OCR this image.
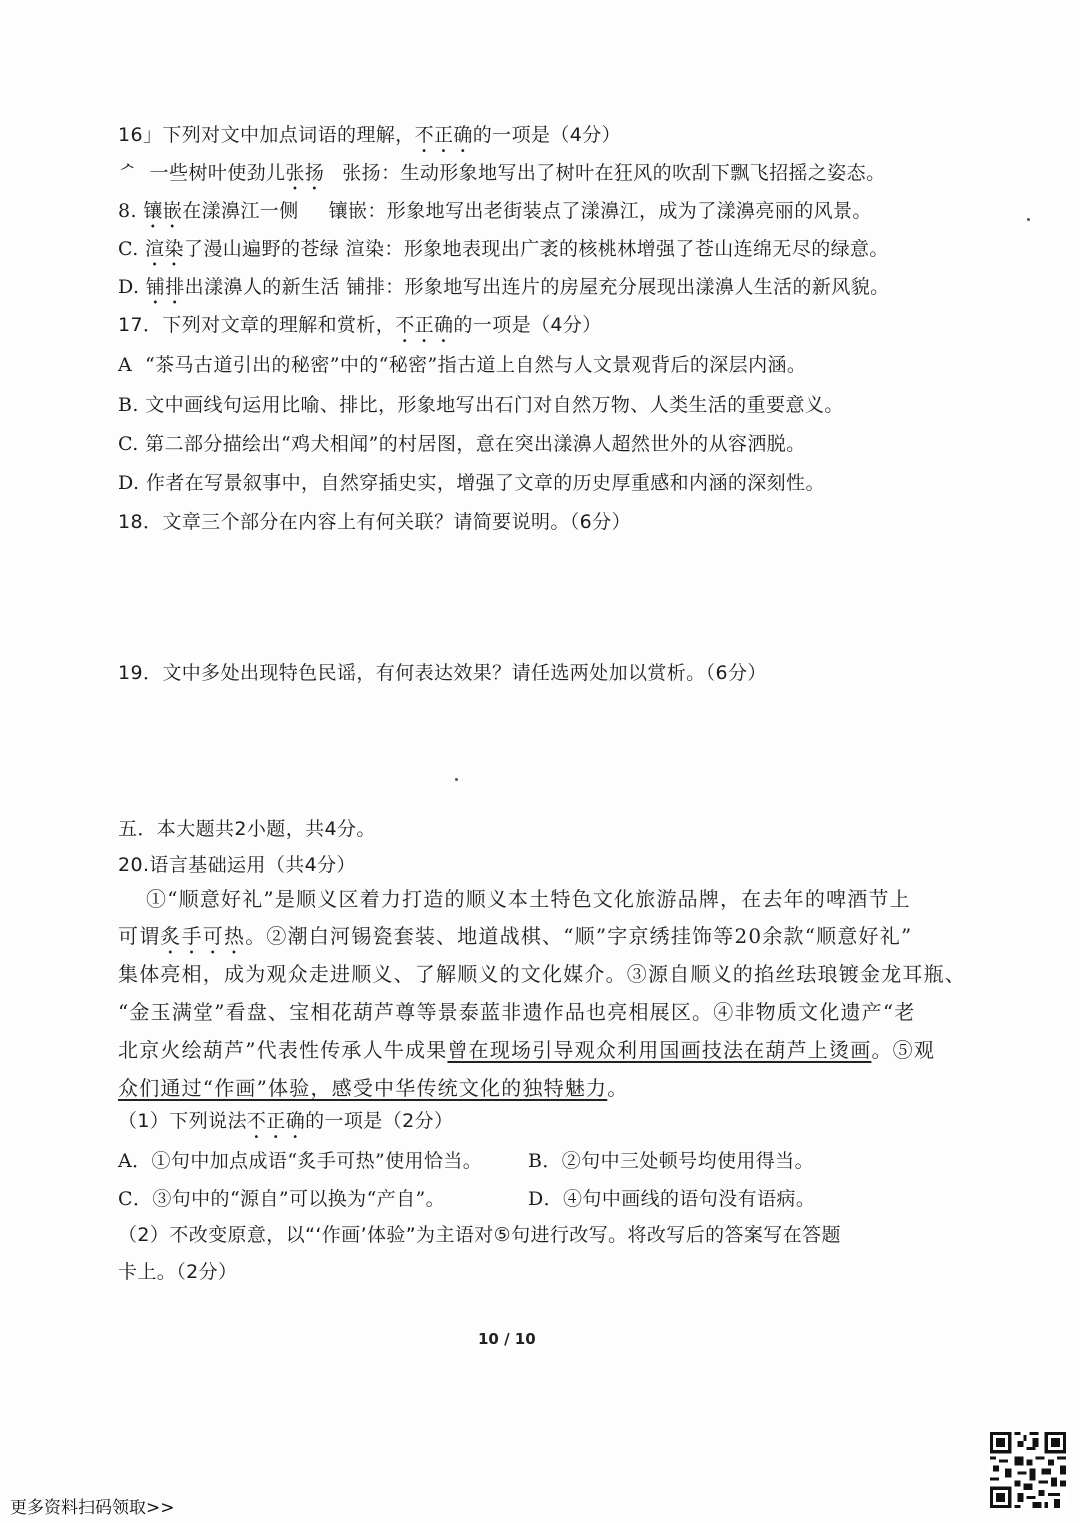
16」下列对文中加点词语的理解，不正确的一项是（4分）
ᄼ 一些树叶使劲儿张扬 张扬：生动形象地写出了树叶在狂风的吹刮下飘飞招摇之姿态。
8. 镶嵌在漾濞江一侧 镶嵌：形象地写出老街装点了漾濞江，成为了漾濞亮丽的风景。
C. 渲染了漫山遍野的苍绿 渲染：形象地表现出广袤的核桃林增强了苍山连绵无尽的绿意。
D. 铺排出漾濞人的新生活 铺排：形象地写出连片的房屋充分展现出漾濞人生活的新风貌。
17．下列对文章的理解和赏析，不正确的一项是（4分）
A “茶马古道引出的秘密”中的“秘密”指古道上自然与人文景观背后的深层内涵。
B. 文中画线句运用比喻、排比，形象地写出石门对自然万物、人类生活的重要意义。
C. 第二部分描绘出“鸡犬相闻”的村居图，意在突出漾濞人超然世外的从容洒脱。
D. 作者在写景叙事中，自然穿插史实，增强了文章的历史厚重感和内涵的深刻性。
18．文章三个部分在内容上有何关联？请简要说明。（6分）
19．文中多处出现特色民谣，有何表达效果？请任选两处加以赏析。（6分）
五．本大题共2小题，共4分。
20.语言基础运用（共4分）
①“顺意好礼”是顺义区着力打造的顺义本土特色文化旅游品牌，在去年的啤酒节上
可谓炙手可热。②潮白河锡瓷套装、地道战棋、“顺”字京绣挂饰等20余款“顺意好礼”
集体亮相，成为观众走进顺义、了解顺义的文化媒介。③源自顺义的掐丝珐琅镀金龙耳瓶、
“金玉满堂”看盘、宝相花葫芦尊等景泰蓝非遗作品也亮相展区。④非物质文化遗产“老
北京火绘葫芦”代表性传承人牛成果曾在现场引导观众利用国画技法在葫芦上烫画。⑤观
众们通过“作画”体验，感受中华传统文化的独特魅力。
（1）下列说法不正确的一项是（2分）
A．①句中加点成语“炙手可热”使用恰当。 B．②句中三处顿号均使用得当。
C．③句中的“源自”可以换为“产自”。	D．④句中画线的语句没有语病。
（2）不改变原意，以“‘作画’体验”为主语对⑤句进行改写。将改写后的答案写在答题
卡上。（2分）
10 / 10
更多资料扫码领取>>
